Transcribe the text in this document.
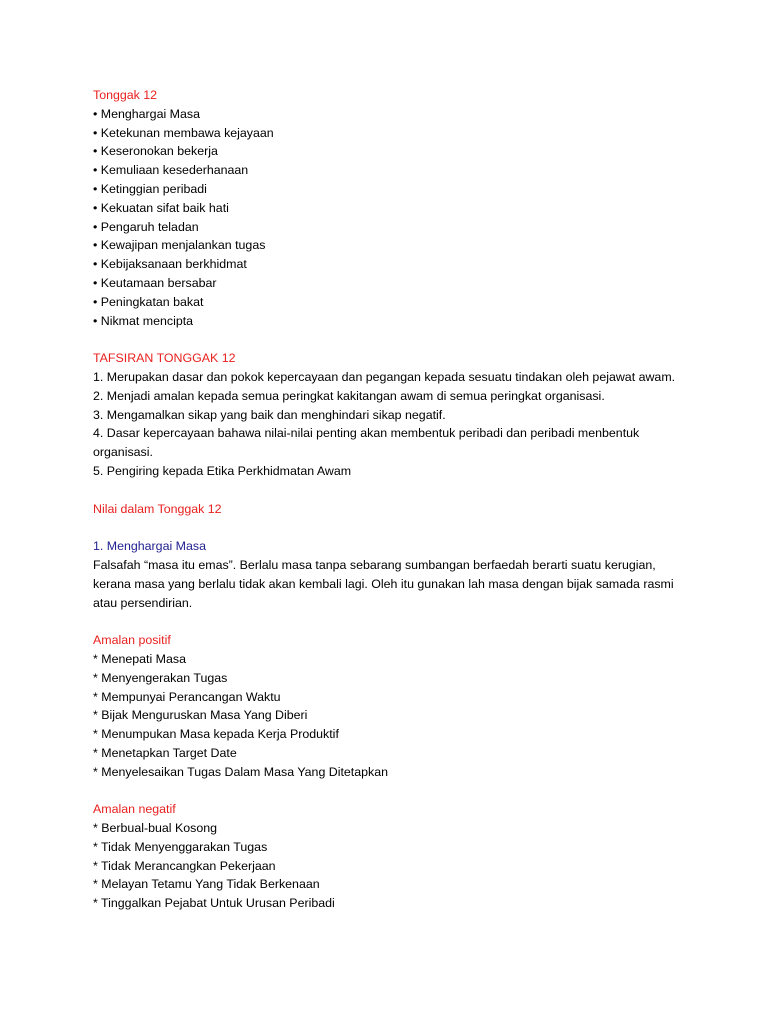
Tonggak 12

• Menghargai Masa

• Ketekunan membawa kejayaan

• Keseronokan bekerja

• Kemuliaan kesederhanaan

• Ketinggian peribadi

• Kekuatan sifat baik hati

• Pengaruh teladan

• Kewajipan menjalankan tugas

• Kebijaksanaan berkhidmat

• Keutamaan bersabar

• Peningkatan bakat

• Nikmat mencipta

TAFSIRAN TONGGAK 12

1. Merupakan dasar dan pokok kepercayaan dan pegangan kepada sesuatu tindakan oleh pejawat awam.

2. Menjadi amalan kepada semua peringkat kakitangan awam di semua peringkat organisasi.

3. Mengamalkan sikap yang baik dan menghindari sikap negatif.

4. Dasar kepercayaan bahawa nilai-nilai penting akan membentuk peribadi dan peribadi menbentuk organisasi.

5. Pengiring kepada Etika Perkhidmatan Awam

Nilai dalam Tonggak 12

1. Menghargai Masa

Falsafah “masa itu emas”. Berlalu masa tanpa sebarang sumbangan berfaedah berarti suatu kerugian, kerana masa yang berlalu tidak akan kembali lagi. Oleh itu gunakan lah masa dengan bijak samada rasmi atau persendirian.

Amalan positif

* Menepati Masa

* Menyengerakan Tugas

* Mempunyai Perancangan Waktu

* Bijak Menguruskan Masa Yang Diberi

* Menumpukan Masa kepada Kerja Produktif

* Menetapkan Target Date

* Menyelesaikan Tugas Dalam Masa Yang Ditetapkan

Amalan negatif

* Berbual-bual Kosong

* Tidak Menyenggarakan Tugas

* Tidak Merancangkan Pekerjaan

* Melayan Tetamu Yang Tidak Berkenaan

* Tinggalkan Pejabat Untuk Urusan Peribadi
